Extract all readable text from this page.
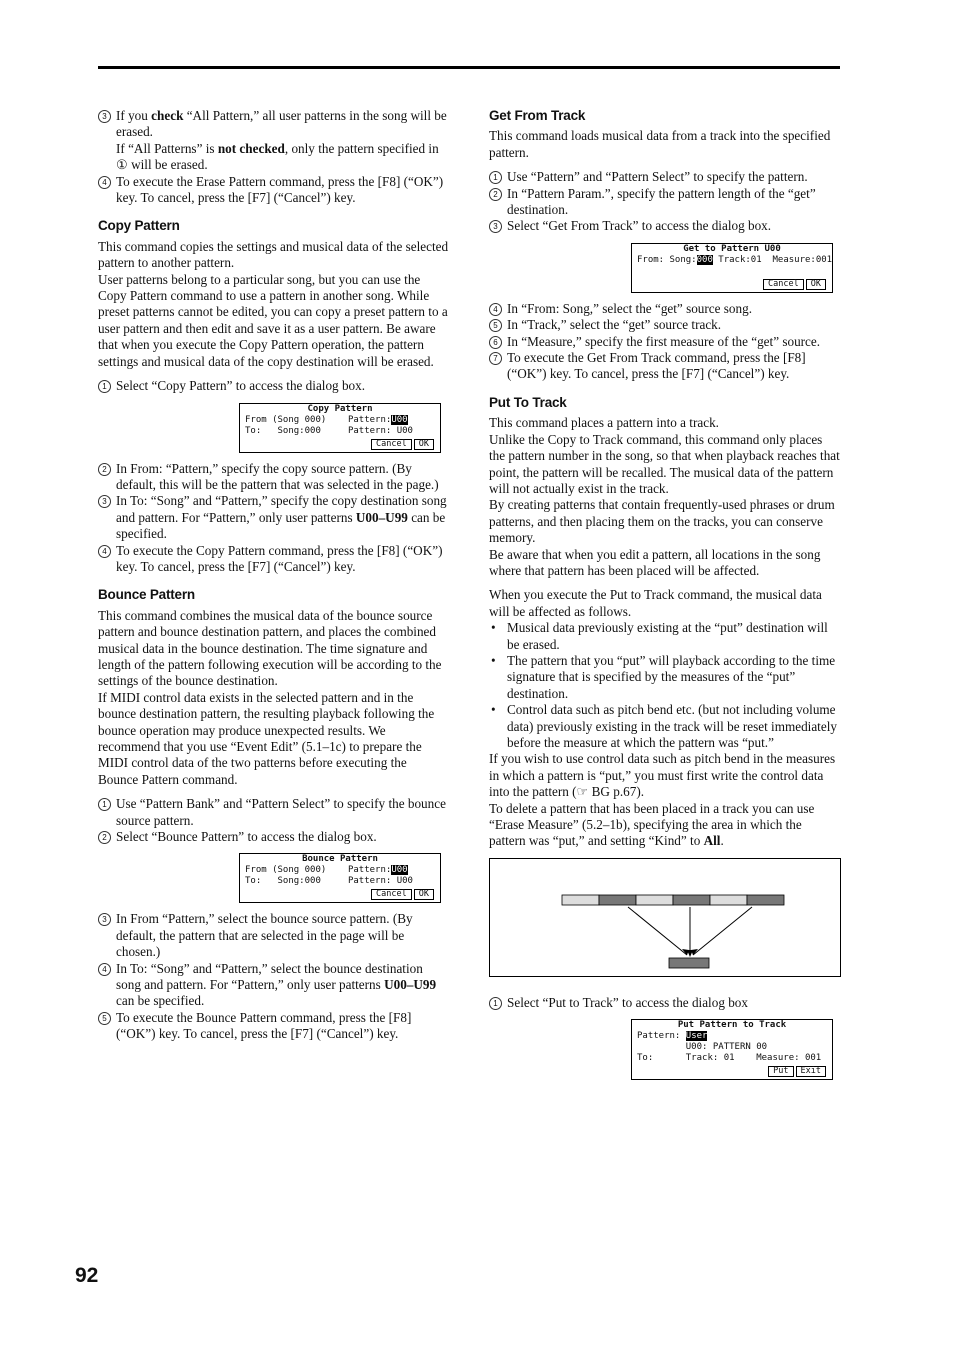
3 If you check “All Pattern,” all user patterns in the song will be erased.

If “All Patterns” is not checked, only the pattern specified in ① will be erased.

4 To execute the Erase Pattern command, press the [F8] (“OK”) key. To cancel, press the [F7] (“Cancel”) key.

Copy Pattern

This command copies the settings and musical data of the selected pattern to another pattern.

User patterns belong to a particular song, but you can use the Copy Pattern command to use a pattern in another song. While preset patterns cannot be edited, you can copy a preset pattern to a user pattern and then edit and save it as a user pattern. Be aware that when you execute the Copy Pattern operation, the pattern settings and musical data of the copy destination will be erased.

1 Select “Copy Pattern” to access the dialog box.

Copy Pattern
From (Song 000)    Pattern:U00
To:   Song:000     Pattern: U00
Cancel OK

2 In From: “Pattern,” specify the copy source pattern. (By default, this will be the pattern that was selected in the page.)

3 In To: “Song” and “Pattern,” specify the copy destination song and pattern. For “Pattern,” only user patterns U00–U99 can be specified.

4 To execute the Copy Pattern command, press the [F8] (“OK”) key. To cancel, press the [F7] (“Cancel”) key.

Bounce Pattern

This command combines the musical data of the bounce source pattern and bounce destination pattern, and places the combined musical data in the bounce destination. The time signature and length of the pattern following execution will be according to the settings of the bounce destination.

If MIDI control data exists in the selected pattern and in the bounce destination pattern, the resulting playback following the bounce operation may produce unexpected results. We recommend that you use “Event Edit” (5.1–1c) to prepare the MIDI control data of the two patterns before executing the Bounce Pattern command.

1 Use “Pattern Bank” and “Pattern Select” to specify the bounce source pattern.

2 Select “Bounce Pattern” to access the dialog box.

Bounce Pattern
From (Song 000)    Pattern:U00
To:   Song:000     Pattern: U00
Cancel OK

3 In From “Pattern,” select the bounce source pattern. (By default, the pattern that are selected in the page will be chosen.)

4 In To: “Song” and “Pattern,” select the bounce destination song and pattern. For “Pattern,” only user patterns U00–U99 can be specified.

5 To execute the Bounce Pattern command, press the [F8] (“OK”) key. To cancel, press the [F7] (“Cancel”) key.

Get From Track

This command loads musical data from a track into the specified pattern.

1 Use “Pattern” and “Pattern Select” to specify the pattern.

2 In “Pattern Param.”, specify the pattern length of the “get” destination.

3 Select “Get From Track” to access the dialog box.

Get to Pattern U00
From: Song:000 Track:01  Measure:001
Cancel OK

4 In “From: Song,” select the “get” source song.

5 In “Track,” select the “get” source track.

6 In “Measure,” specify the first measure of the “get” source.

7 To execute the Get From Track command, press the [F8] (“OK”) key. To cancel, press the [F7] (“Cancel”) key.

Put To Track

This command places a pattern into a track.

Unlike the Copy to Track command, this command only places the pattern number in the song, so that when playback reaches that point, the pattern will be recalled. The musical data of the pattern will not actually exist in the track.

By creating patterns that contain frequently-used phrases or drum patterns, and then placing them on the tracks, you can conserve memory.

Be aware that when you edit a pattern, all locations in the song where that pattern has been placed will be affected.

When you execute the Put to Track command, the musical data will be affected as follows.

• Musical data previously existing at the “put” destination will be erased.

• The pattern that you “put” will playback according to the time signature that is specified by the measures of the “put” destination.

• Control data such as pitch bend etc. (but not including volume data) previously existing in the track will be reset immediately before the measure at which the pattern was “put.”

If you wish to use control data such as pitch bend in the measures in which a pattern is “put,” you must first write the control data into the pattern (☞ BG p.67).

To delete a pattern that has been placed in a track you can use “Erase Measure” (5.2–1b), specifying the area in which the pattern was “put,” and setting “Kind” to All.

1 Select “Put to Track” to access the dialog box

Put Pattern to Track
Pattern: User
U00: PATTERN 00
To:      Track: 01    Measure: 001
Put Exit
92
